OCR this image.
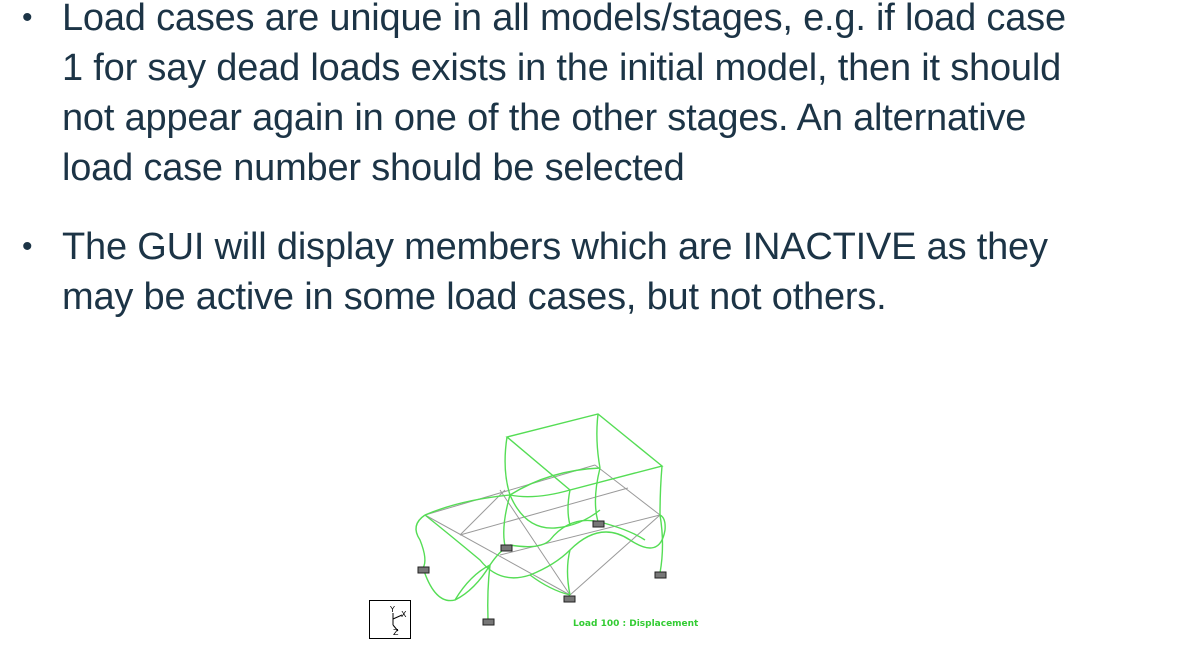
• Load cases are unique in all models/stages, e.g. if load case
1 for say dead loads exists in the initial model, then it should
not appear again in one of the other stages. An alternative
load case number should be selected
• The GUI will display members which are INACTIVE as they
may be active in some load cases, but not others.
Y
X
Z
Load 100 : Displacement
